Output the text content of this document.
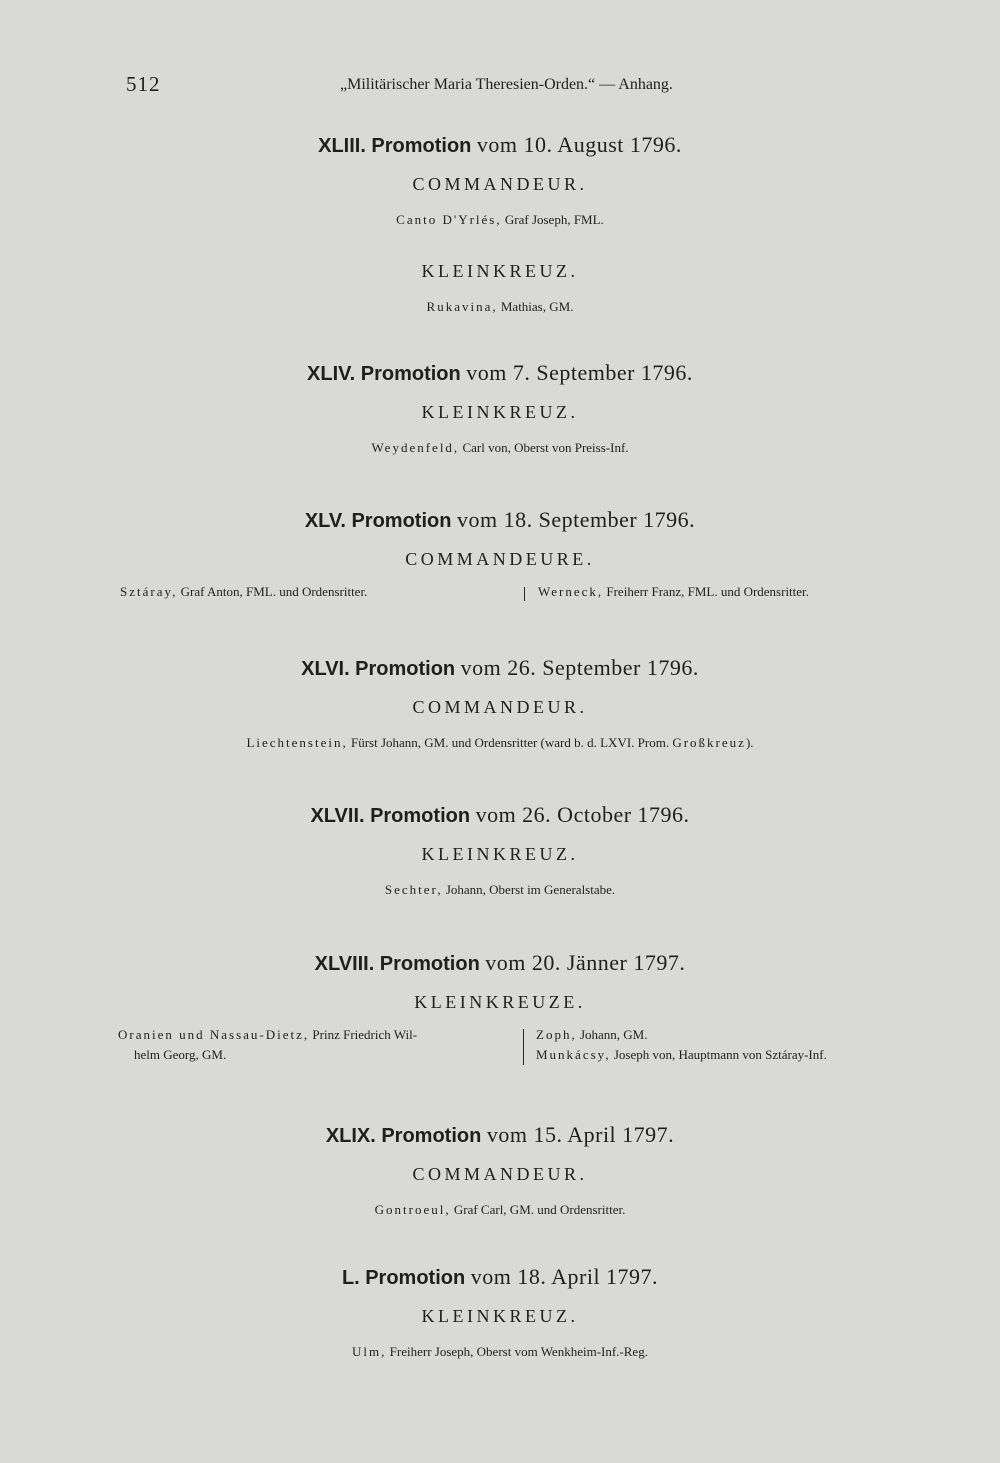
512	„Militärischer Maria Theresien-Orden.“ — Anhang.
XLIII. Promotion vom 10. August 1796.
COMMANDEUR.
Canto D'Yrlés, Graf Joseph, FML.
KLEINKREUZ.
Rukavina, Mathias, GM.
XLIV. Promotion vom 7. September 1796.
KLEINKREUZ.
Weydenfeld, Carl von, Oberst von Preiss-Inf.
XLV. Promotion vom 18. September 1796.
COMMANDEURE.
Sztáray, Graf Anton, FML. und Ordensritter.	Werneck, Freiherr Franz, FML. und Ordensritter.
XLVI. Promotion vom 26. September 1796.
COMMANDEUR.
Liechtenstein, Fürst Johann, GM. und Ordensritter (ward b. d. LXVI. Prom. Großkreuz).
XLVII. Promotion vom 26. October 1796.
KLEINKREUZ.
Sechter, Johann, Oberst im Generalstabe.
XLVIII. Promotion vom 20. Jänner 1797.
KLEINKREUZE.
Oranien und Nassau-Dietz, Prinz Friedrich Wil-
helm Georg, GM.
Zoph, Johann, GM.
Munkácsy, Joseph von, Hauptmann von Sztáray-Inf.
XLIX. Promotion vom 15. April 1797.
COMMANDEUR.
Gontroeul, Graf Carl, GM. und Ordensritter.
L. Promotion vom 18. April 1797.
KLEINKREUZ.
Ulm, Freiherr Joseph, Oberst vom Wenkheim-Inf.-Reg.
